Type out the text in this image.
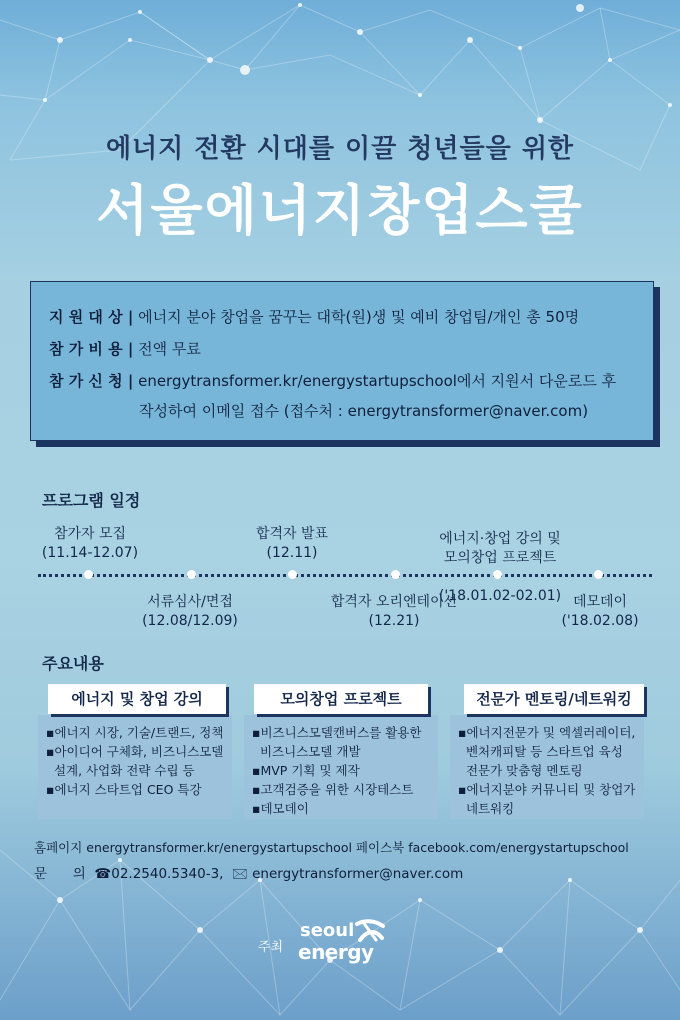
에너지 전환 시대를 이끌 청년들을 위한
서울에너지창업스쿨
지 원 대 상 | 에너지 분야 창업을 꿈꾸는 대학(원)생 및 예비 창업팀/개인 총 50명
참 가 비 용 | 전액 무료
참 가 신 청 | energytransformer.kr/energystartupschool에서 지원서 다운로드 후
작성하여 이메일 접수 (접수처 : energytransformer@naver.com)
프로그램 일정
참가자 모집
(11.14-12.07)
합격자 발표
(12.11)

에너지·창업 강의 및
모의창업 프로젝트

('18.01.02-02.01)

서류심사/면접
(12.08/12.09)
합격자 오리엔테이션
(12.21)
데모데이
('18.02.08)
주요내용
▪에너지 시장, 기술/트랜드, 정책
▪아이디어 구체화, 비즈니스모델
설계, 사업화 전략 수립 등
▪에너지 스타트업 CEO 특강
에너지 및 창업 강의
▪비즈니스모델캔버스를 활용한
비즈니스모델 개발
▪MVP 기획 및 제작
▪고객검증을 위한 시장테스트
▪데모데이
모의창업 프로젝트
▪에너지전문가 및 엑셀러레이터,
벤처캐피탈 등 스타트업 육성
전문가 맞춤형 멘토링
▪에너지분야 커뮤니티 및 창업가
네트워킹
전문가 멘토링/네트워킹
홈페이지 energytransformer.kr/energystartupschool 페이스북 facebook.com/energystartupschool
문      의  ☎02.2540.5340-3,  🖂 energytransformer@naver.com
주최
seoul
energy
